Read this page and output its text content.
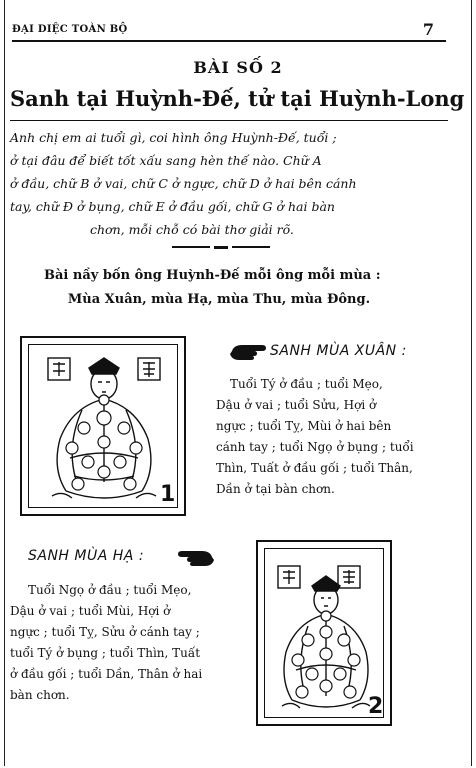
ĐẠI DIỆC TOÀN BỘ	7
BÀI SỐ 2
Sanh tại Huỳnh-Đế, tử tại Huỳnh-Long
Anh chị em ai tuổi gì, coi hình ông Huỳnh-Đế, tuổi ;
ở tại đâu để biết tốt xấu sang hèn thế nào. Chữ A
ở đầu, chữ B ở vai, chữ C ở ngực, chữ D ở hai bên cánh
tay, chữ Đ ở bụng, chữ E ở đầu gối, chữ G ở hai bàn
chơn, mỗi chỗ có bài thơ giải rõ.
Bài nầy bốn ông Huỳnh-Đế mỗi ông mỗi mùa :
Mùa Xuân, mùa Hạ, mùa Thu, mùa Đông.
1
SANH MÙA XUÂN :
Tuổi Tý ở đầu ; tuổi Mẹo,
Dậu ở vai ; tuổi Sửu, Hợi ở
ngực ; tuổi Tỵ, Mùi ở hai bên
cánh tay ; tuổi Ngọ ở bụng ; tuổi
Thìn, Tuất ở đầu gối ; tuổi Thân,
Dần ở tại bàn chơn.
SANH MÙA HẠ :
Tuổi Ngọ ở đầu ; tuổi Mẹo,
Dậu ở vai ; tuổi Mùi, Hợi ở
ngực ; tuổi Tỵ, Sửu ở cánh tay ;
tuổi Tý ở bụng ; tuổi Thìn, Tuất
ở đầu gối ; tuổi Dần, Thân ở hai
bàn chơn.	2
